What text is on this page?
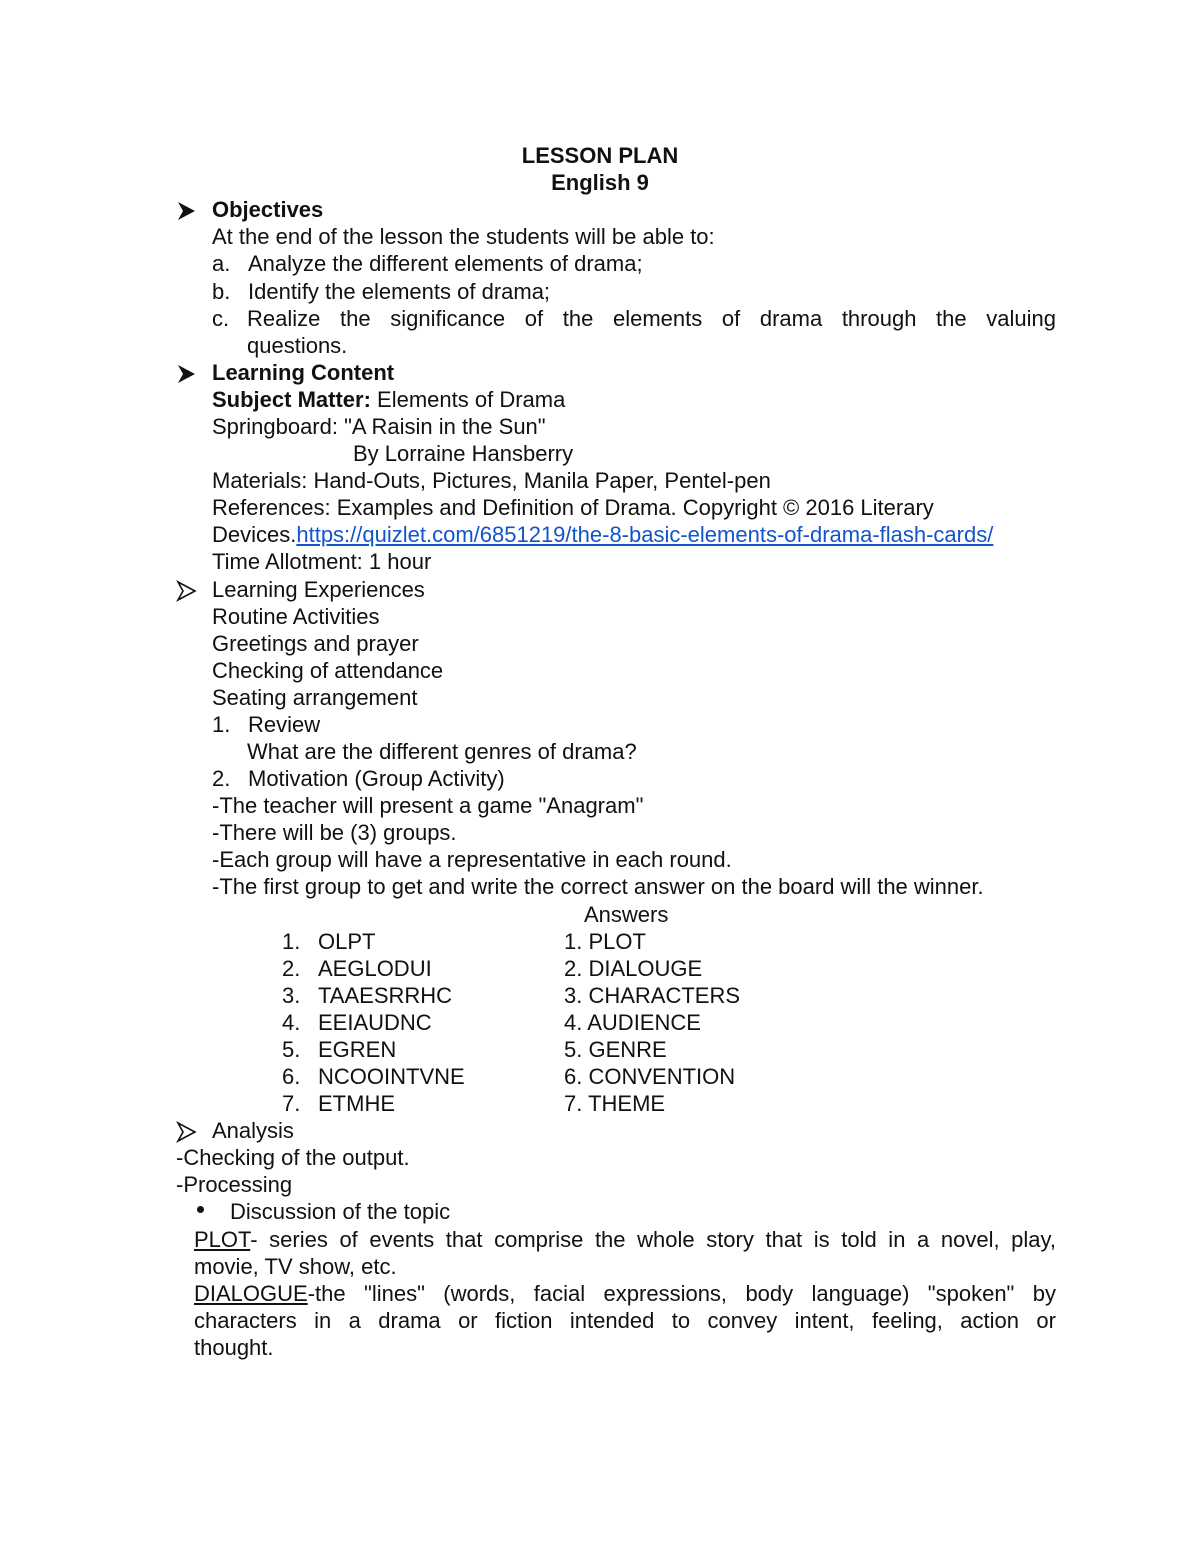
LESSON PLAN
English 9
Objectives
At the end of the lesson the students will be able to:
a. Analyze the different elements of drama;
b. Identify the elements of drama;
c. Realize the significance of the elements of drama through the valuing
questions.
Learning Content
Subject Matter: Elements of Drama
Springboard: "A Raisin in the Sun"
By Lorraine Hansberry
Materials: Hand-Outs, Pictures, Manila Paper, Pentel-pen
References: Examples and Definition of Drama. Copyright © 2016 Literary
Devices.https://quizlet.com/6851219/the-8-basic-elements-of-drama-flash-cards/
Time Allotment: 1 hour
Learning Experiences
Routine Activities
Greetings and prayer
Checking of attendance
Seating arrangement
1. Review
What are the different genres of drama?
2. Motivation (Group Activity)
-The teacher will present a game "Anagram"
-There will be (3) groups.
-Each group will have a representative in each round.
-The first group to get and write the correct answer on the board will the winner.
Answers
1. OLPT	1. PLOT
2. AEGLODUI	2. DIALOUGE
3. TAAESRRHC	3. CHARACTERS
4. EEIAUDNC	4. AUDIENCE
5. EGREN	5. GENRE
6. NCOOINTVNE	6. CONVENTION
7. ETMHE	7. THEME
Analysis
-Checking of the output.
-Processing
Discussion of the topic
PLOT- series of events that comprise the whole story that is told in a novel, play,
movie, TV show, etc.
DIALOGUE-the "lines" (words, facial expressions, body language) "spoken" by
characters in a drama or fiction intended to convey intent, feeling, action or
thought.
